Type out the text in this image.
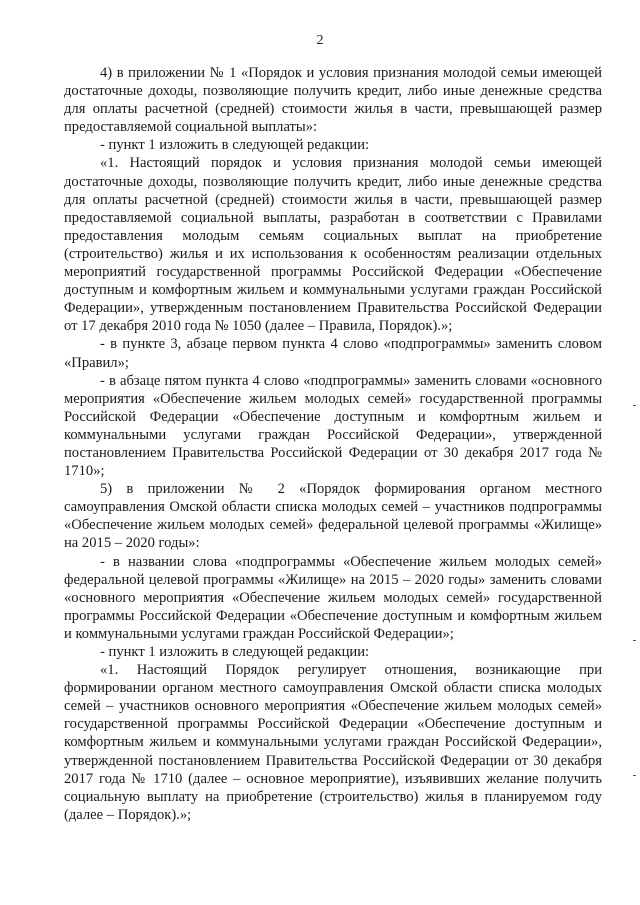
2

4) в приложении № 1 «Порядок и условия признания молодой семьи имеющей достаточные доходы, позволяющие получить кредит, либо иные денежные средства для оплаты расчетной (средней) стоимости жилья в части, превышающей размер предоставляемой социальной выплаты»:

- пункт 1 изложить в следующей редакции:

«1. Настоящий порядок и условия признания молодой семьи имеющей достаточные доходы, позволяющие получить кредит, либо иные денежные средства для оплаты расчетной (средней) стоимости жилья в части, превышающей размер предоставляемой социальной выплаты, разработан в соответствии с Правилами предоставления молодым семьям социальных выплат на приобретение (строительство) жилья и их использования к особенностям реализации отдельных мероприятий государственной программы Российской Федерации «Обеспечение доступным и комфортным жильем и коммунальными услугами граждан Российской Федерации», утвержденным постановлением Правительства Российской Федерации от 17 декабря 2010 года № 1050 (далее – Правила, Порядок).»;

- в пункте 3, абзаце первом пункта 4 слово «подпрограммы» заменить словом «Правил»;

- в абзаце пятом пункта 4 слово «подпрограммы» заменить словами «основного мероприятия «Обеспечение жильем молодых семей» государственной программы Российской Федерации «Обеспечение доступным и комфортным жильем и коммунальными услугами граждан Российской Федерации», утвержденной постановлением Правительства Российской Федерации от 30 декабря 2017 года № 1710»;

5) в приложении № 2 «Порядок формирования органом местного самоуправления Омской области списка молодых семей – участников подпрограммы «Обеспечение жильем молодых семей» федеральной целевой программы «Жилище» на 2015 – 2020 годы»:

- в названии слова «подпрограммы «Обеспечение жильем молодых семей» федеральной целевой программы «Жилище» на 2015 – 2020 годы» заменить словами «основного мероприятия «Обеспечение жильем молодых семей» государственной программы Российской Федерации «Обеспечение доступным и комфортным жильем и коммунальными услугами граждан Российской Федерации»;

- пункт 1 изложить в следующей редакции:

«1. Настоящий Порядок регулирует отношения, возникающие при формировании органом местного самоуправления Омской области списка молодых семей – участников основного мероприятия «Обеспечение жильем молодых семей» государственной программы Российской Федерации «Обеспечение доступным и комфортным жильем и коммунальными услугами граждан Российской Федерации», утвержденной постановлением Правительства Российской Федерации от 30 декабря 2017 года № 1710 (далее – основное мероприятие), изъявивших желание получить социальную выплату на приобретение (строительство) жилья в планируемом году (далее – Порядок).»;
